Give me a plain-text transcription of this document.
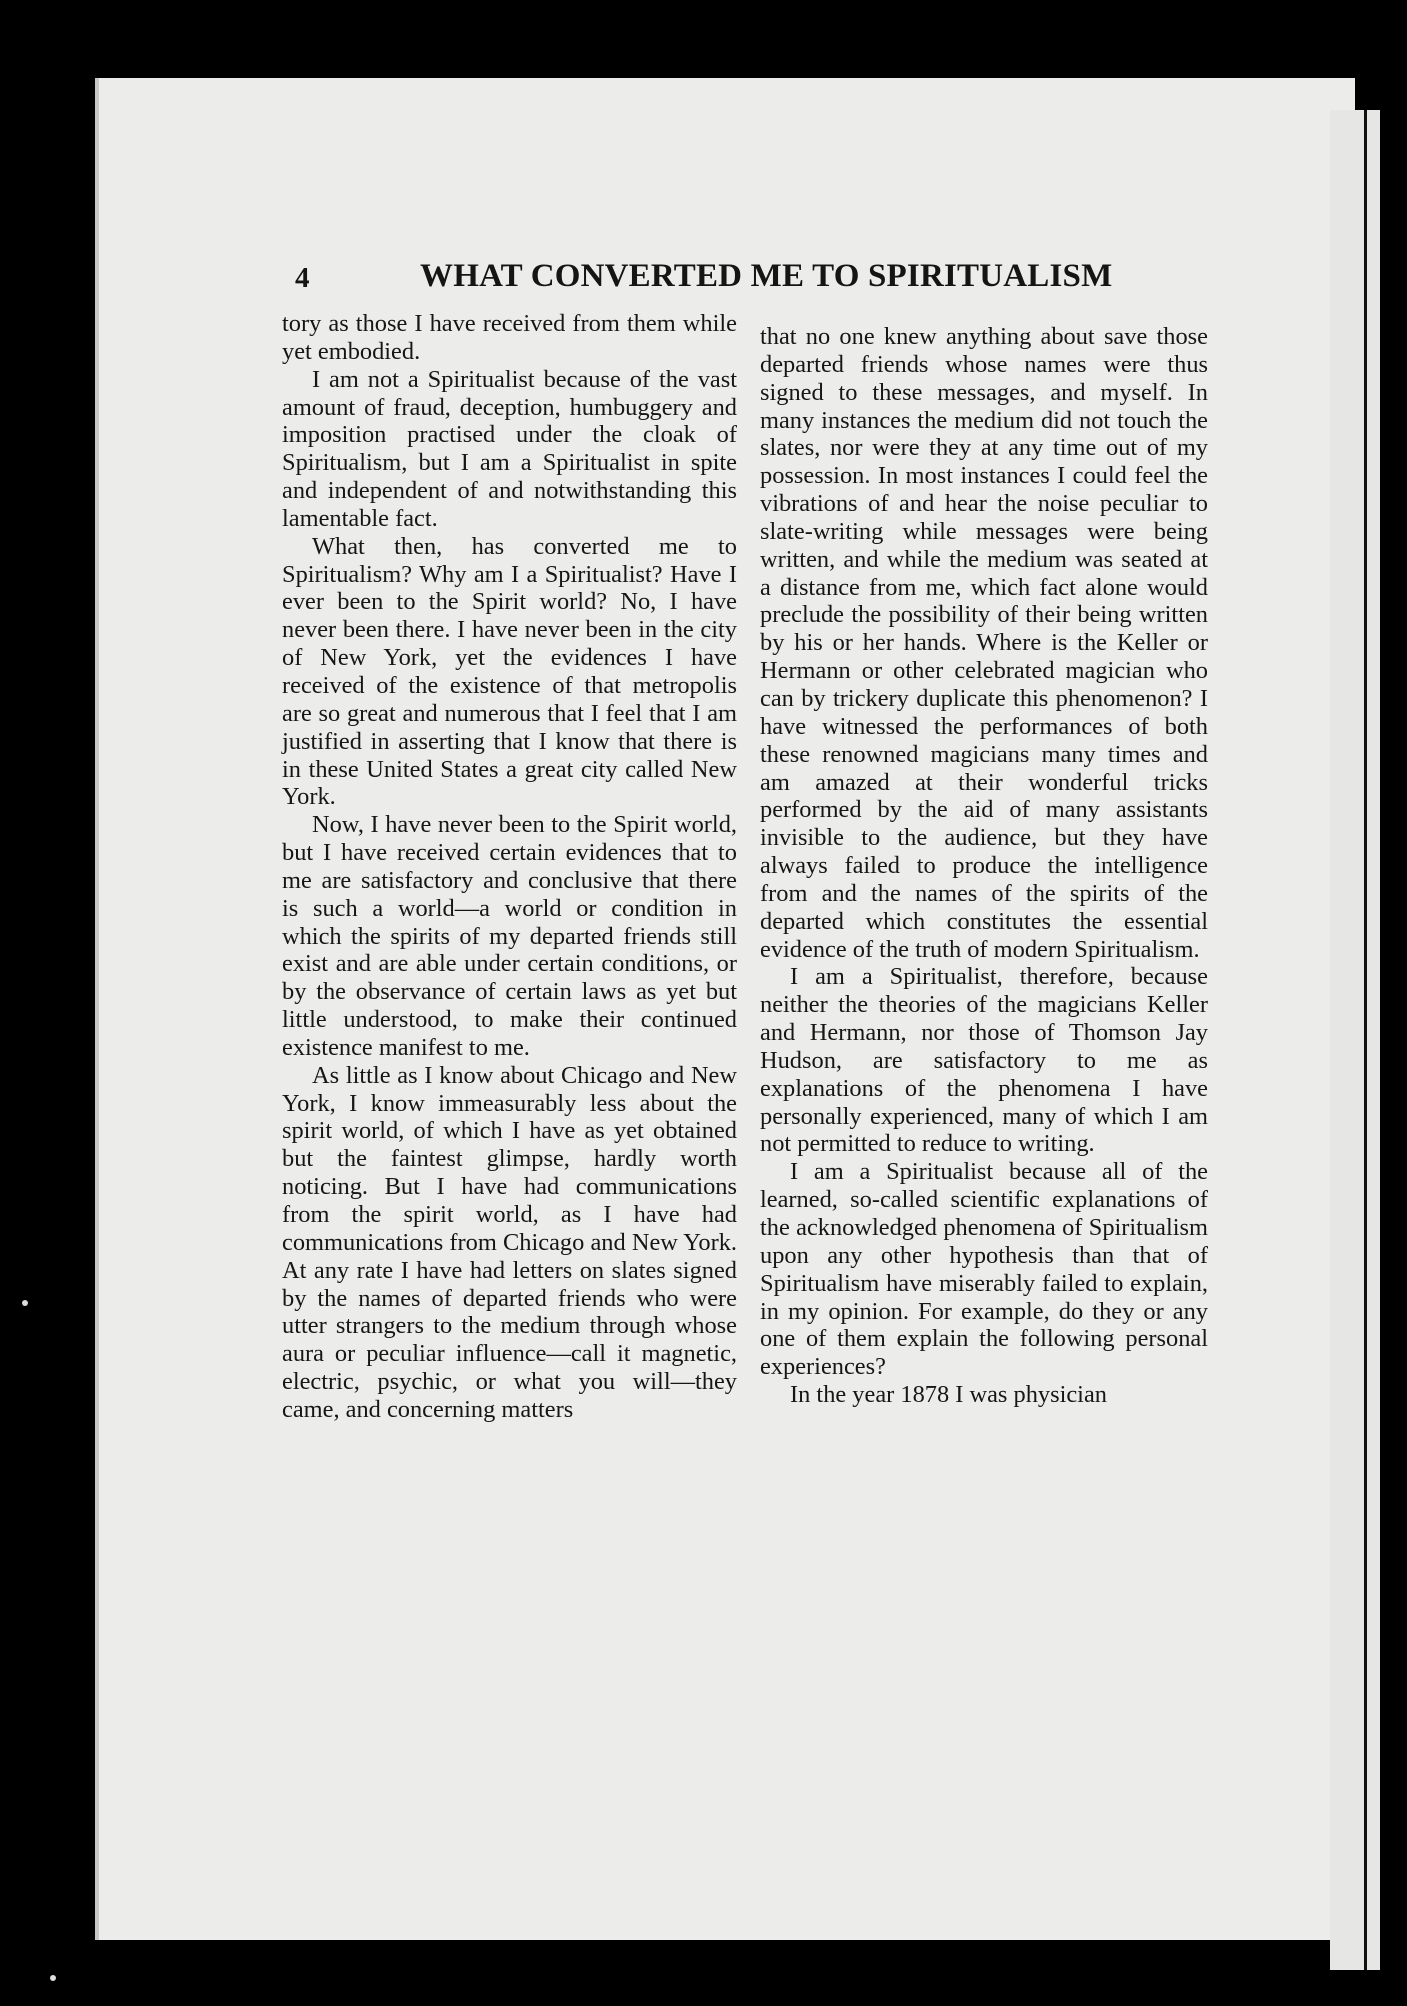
4	WHAT CONVERTED ME TO SPIRITUALISM

tory as those I have received from them while yet embodied.

I am not a Spiritualist because of the vast amount of fraud, deception, humbuggery and imposition practised under the cloak of Spiritualism, but I am a Spiritualist in spite and independent of and notwithstanding this lamentable fact.

What then, has converted me to Spiritualism? Why am I a Spiritualist? Have I ever been to the Spirit world? No, I have never been there. I have never been in the city of New York, yet the evidences I have received of the existence of that metropolis are so great and numerous that I feel that I am justified in asserting that I know that there is in these United States a great city called New York.

Now, I have never been to the Spirit world, but I have received certain evidences that to me are satisfactory and conclusive that there is such a world—a world or condition in which the spirits of my departed friends still exist and are able under certain conditions, or by the observance of certain laws as yet but little understood, to make their continued existence manifest to me.

As little as I know about Chicago and New York, I know immeasurably less about the spirit world, of which I have as yet obtained but the faintest glimpse, hardly worth noticing. But I have had communications from the spirit world, as I have had communications from Chicago and New York. At any rate I have had letters on slates signed by the names of departed friends who were utter strangers to the medium through whose aura or peculiar influence—call it magnetic, electric, psychic, or what you will—they came, and concerning matters

that no one knew anything about save those departed friends whose names were thus signed to these messages, and myself. In many instances the medium did not touch the slates, nor were they at any time out of my possession. In most instances I could feel the vibrations of and hear the noise peculiar to slate-writing while messages were being written, and while the medium was seated at a distance from me, which fact alone would preclude the possibility of their being written by his or her hands. Where is the Keller or Hermann or other celebrated magician who can by trickery duplicate this phenomenon? I have witnessed the performances of both these renowned magicians many times and am amazed at their wonderful tricks performed by the aid of many assistants invisible to the audience, but they have always failed to produce the intelligence from and the names of the spirits of the departed which constitutes the essential evidence of the truth of modern Spiritualism.

I am a Spiritualist, therefore, because neither the theories of the magicians Keller and Hermann, nor those of Thomson Jay Hudson, are satisfactory to me as explanations of the phenomena I have personally experienced, many of which I am not permitted to reduce to writing.

I am a Spiritualist because all of the learned, so-called scientific explanations of the acknowledged phenomena of Spiritualism upon any other hypothesis than that of Spiritualism have miserably failed to explain, in my opinion. For example, do they or any one of them explain the following personal experiences?

In the year 1878 I was physician
